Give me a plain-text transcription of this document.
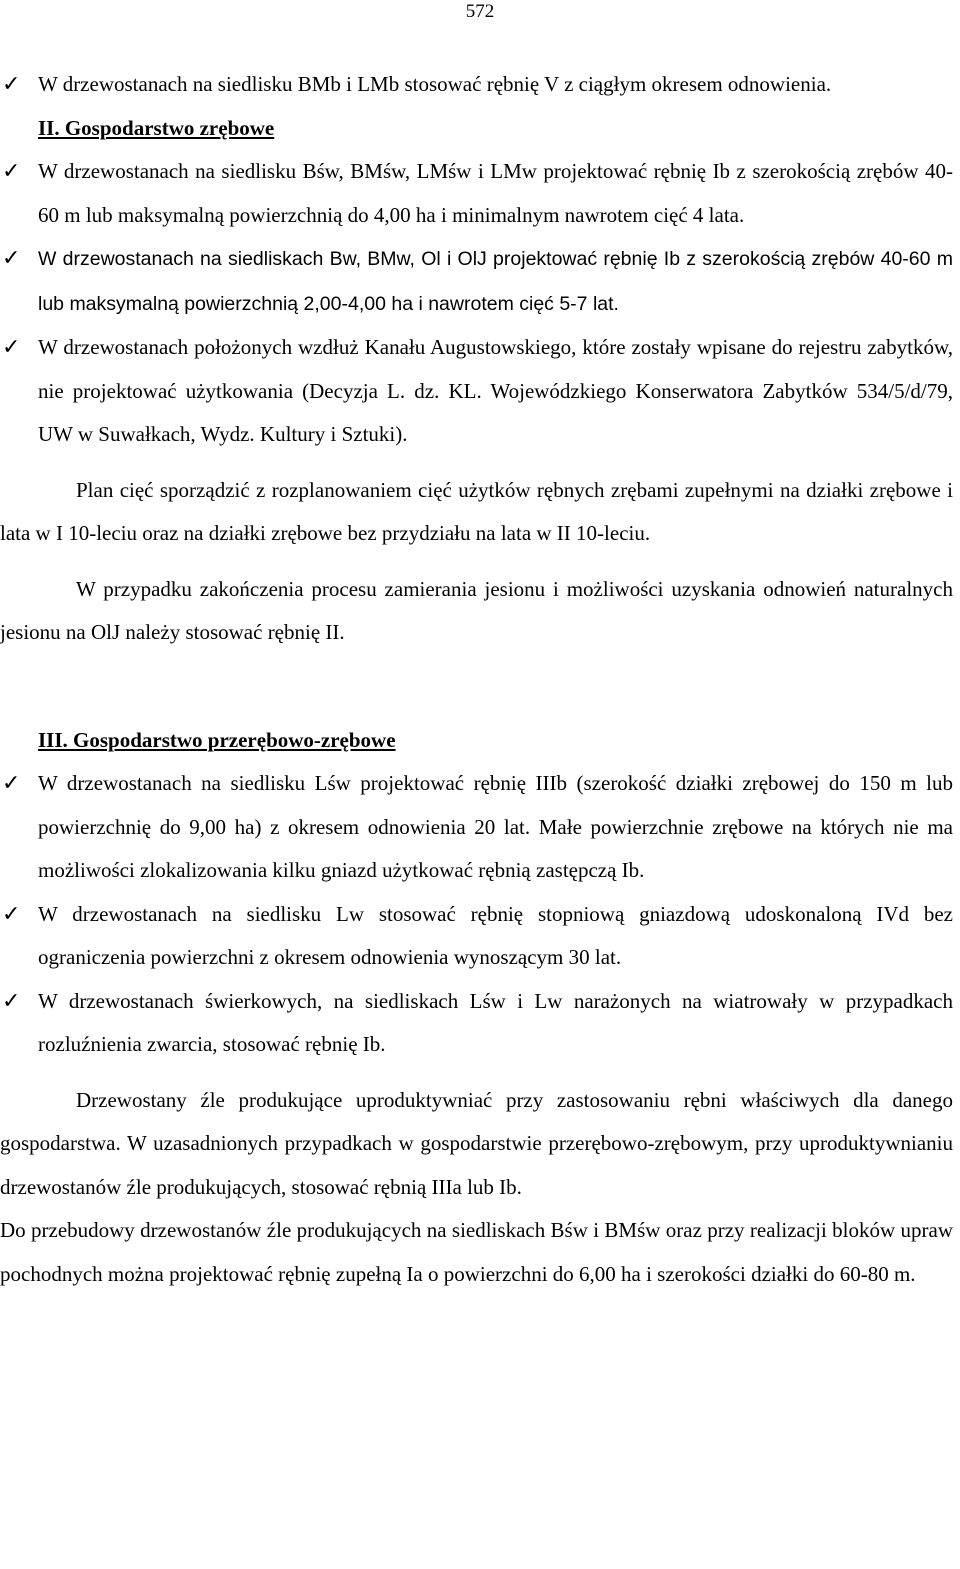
572
✓ W drzewostanach na siedlisku BMb i LMb stosować rębnię V z ciągłym okresem odnowienia.
II. Gospodarstwo zrębowe
✓ W drzewostanach na siedlisku Bśw, BMśw, LMśw i LMw projektować rębnię Ib z szerokością zrębów 40-60 m lub maksymalną powierzchnią do 4,00 ha i minimalnym nawrotem cięć 4 lata.
✓ W drzewostanach na siedliskach Bw, BMw, Ol i OlJ projektować rębnię Ib z szerokością zrębów 40-60 m lub maksymalną powierzchnią 2,00-4,00 ha i nawrotem cięć 5-7 lat.
✓ W drzewostanach położonych wzdłuż Kanału Augustowskiego, które zostały wpisane do rejestru zabytków, nie projektować użytkowania (Decyzja L. dz. KL. Wojewódzkiego Konserwatora Zabytków 534/5/d/79, UW w Suwałkach, Wydz. Kultury i Sztuki).
Plan cięć sporządzić z rozplanowaniem cięć użytków rębnych zrębami zupełnymi na działki zrębowe i lata w I 10-leciu oraz na działki zrębowe bez przydziału na lata w II 10-leciu.
W przypadku zakończenia procesu zamierania jesionu i możliwości uzyskania odnowień naturalnych jesionu na OlJ należy stosować rębnię II.
III. Gospodarstwo przerębowo-zrębowe
✓ W drzewostanach na siedlisku Lśw projektować rębnię IIIb (szerokość działki zrębowej do 150 m lub powierzchnię do 9,00 ha) z okresem odnowienia 20 lat. Małe powierzchnie zrębowe na których nie ma możliwości zlokalizowania kilku gniazd użytkować rębnią zastępczą Ib.
✓ W drzewostanach na siedlisku Lw stosować rębnię stopniową gniazdową udoskonaloną IVd bez ograniczenia powierzchni z okresem odnowienia wynoszącym 30 lat.
✓ W drzewostanach świerkowych, na siedliskach Lśw i Lw narażonych na wiatrowały w przypadkach rozluźnienia zwarcia, stosować rębnię Ib.
Drzewostany źle produkujące uproduktywniać przy zastosowaniu rębni właściwych dla danego gospodarstwa. W uzasadnionych przypadkach w gospodarstwie przerębowo-zrębowym, przy uproduktywnianiu drzewostanów źle produkujących, stosować rębnią IIIa lub Ib.
Do przebudowy drzewostanów źle produkujących na siedliskach Bśw i BMśw oraz przy realizacji bloków upraw pochodnych można projektować rębnię zupełną Ia o powierzchni do 6,00 ha i szerokości działki do 60-80 m.
